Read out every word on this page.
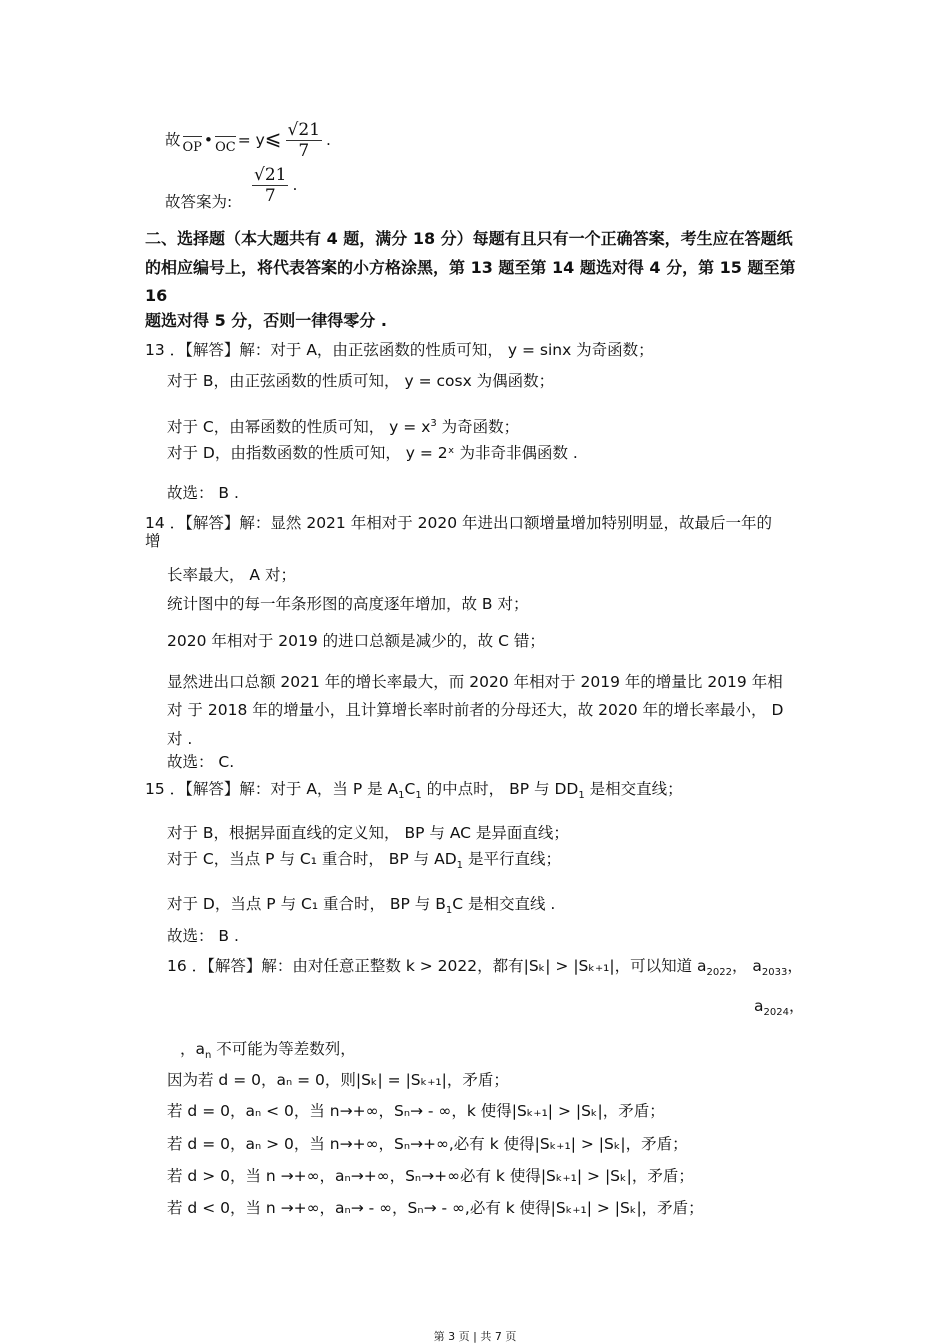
故 OP • OC = y⩽ $\frac{√21}{7}$ .
故答案为: $\frac{√21}{7}$ .
二、选择题（本大题共有 4 题，满分 18 分）每题有且只有一个正确答案，考生应在答题纸
的相应编号上，将代表答案的小方格涂黑，第 13 题至第 14 题选对得 4 分，第 15 题至第
16
题选对得 5 分，否则一律得零分 .
13 ．【解答】解：对于 A，由正弦函数的性质可知， y = sinx 为奇函数；
对于 B，由正弦函数的性质可知， y = cosx 为偶函数；
对于 C，由幂函数的性质可知， $y = x^3$ 为奇函数；
对于 D，由指数函数的性质可知， y = 2ˣ 为非奇非偶函数 .
故选： B .
14 ．【解答】解：显然 2021 年相对于 2020 年进出口额增量增加特别明显，故最后一年的
增
长率最大， A 对；
统计图中的每一年条形图的高度逐年增加，故 B 对；
2020 年相对于 2019 的进口总额是减少的，故 C 错；
显然进出口总额 2021 年的增长率最大，而 2020 年相对于 2019 年的增量比 2019 年相
对 于 2018 年的增量小，且计算增长率时前者的分母还大，故 2020 年的增长率最小， D
对 .
故选： C.
15 ．【解答】解：对于 A，当 P 是 $A_1C_1$ 的中点时， BP 与 $DD_1$ 是相交直线；
对于 B，根据异面直线的定义知， BP 与 AC 是异面直线；
对于 C，当点 P 与 C₁ 重合时， BP 与 $AD_1$ 是平行直线；
对于 D，当点 P 与 C₁ 重合时， BP 与 $B_1C$ 是相交直线 .
故选： B .
16 ．【解答】解：由对任意正整数 k > 2022，都有|Sₖ| > |Sₖ₊₁|，可以知道 $a_{2022}$， $a_{2033}$，
$a_{2024}$，
，$a_n$ 不可能为等差数列，
因为若 d = 0，aₙ = 0，则|Sₖ| = |Sₖ₊₁|，矛盾；
若 d = 0，aₙ < 0，当 n→+∞，Sₙ→ - ∞，k 使得|Sₖ₊₁| > |Sₖ|，矛盾；
若 d = 0，aₙ > 0，当 n→+∞，Sₙ→+∞,必有 k 使得|Sₖ₊₁| > |Sₖ|，矛盾；
若 d > 0，当 n →+∞，aₙ→+∞，Sₙ→+∞必有 k 使得|Sₖ₊₁| > |Sₖ|，矛盾；
若 d < 0，当 n →+∞，aₙ→ - ∞，Sₙ→ - ∞,必有 k 使得|Sₖ₊₁| > |Sₖ|，矛盾；
第 3 页 | 共 7 页
